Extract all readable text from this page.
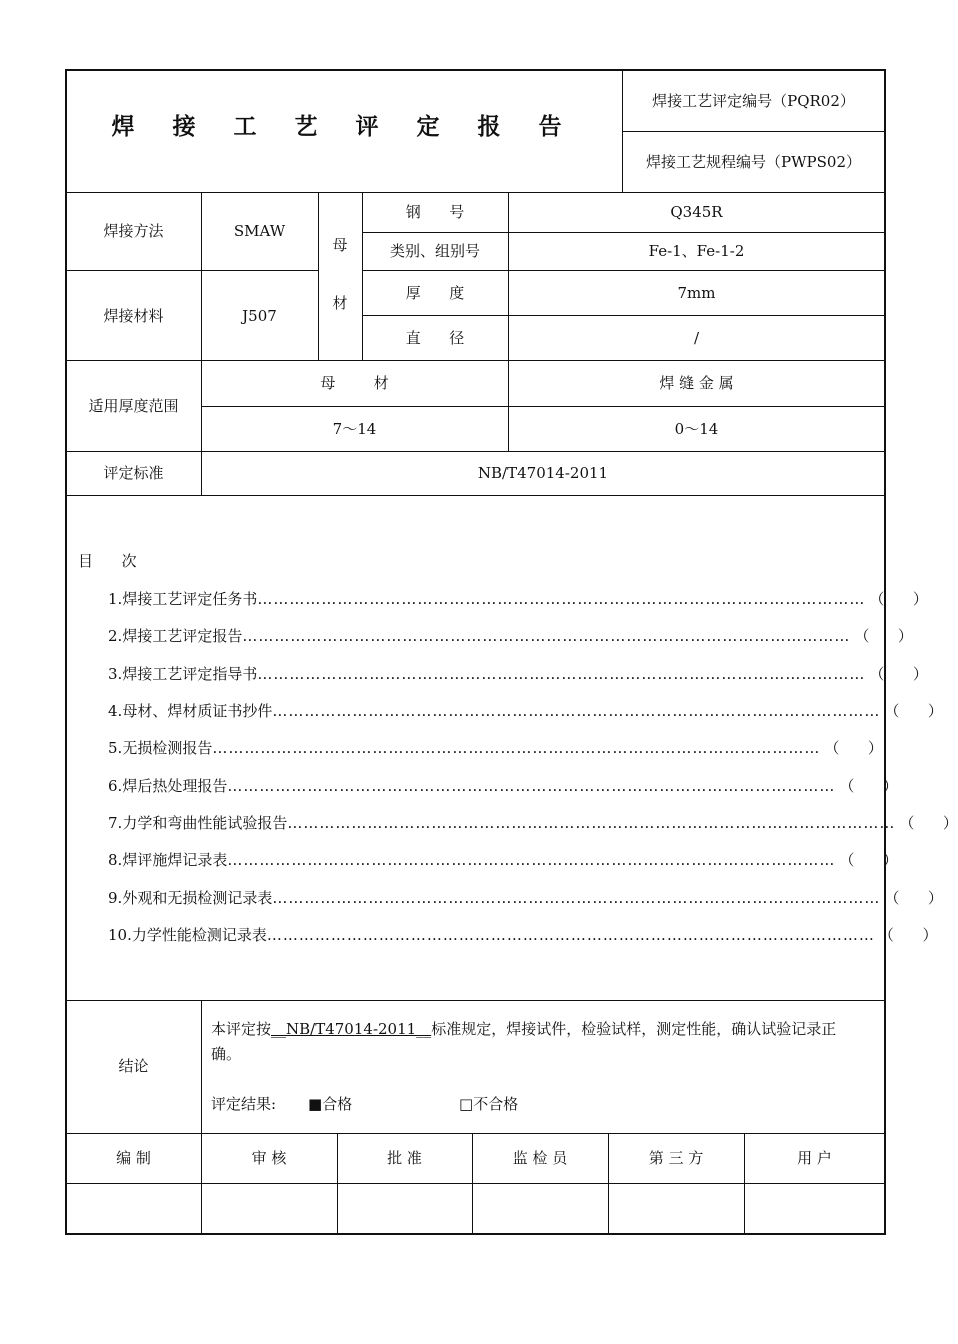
焊 接 工 艺 评 定 报 告
焊接工艺评定编号（PQR02）
焊接工艺规程编号（PWPS02）
焊接方法	SMAW
焊接材料	J507
母
材
钢      号	Q345R
类别、组别号	Fe-1、Fe-1-2
厚      度	7mm
直      径	/
适用厚度范围
母        材	焊 缝 金 属
7～14	0～14
评定标准	NB/T47014-2011
目      次
1. 焊接工艺评定任务书 …………………………………………………………………………………………………… （      ）
2. 焊接工艺评定报告 …………………………………………………………………………………………………… （      ）
3. 焊接工艺评定指导书 …………………………………………………………………………………………………… （      ）
4. 母材、焊材质证书抄件 …………………………………………………………………………………………………… （      ）
5. 无损检测报告 …………………………………………………………………………………………………… （      ）
6. 焊后热处理报告 …………………………………………………………………………………………………… （      ）
7. 力学和弯曲性能试验报告 …………………………………………………………………………………………………… （      ）
8. 焊评施焊记录表 …………………………………………………………………………………………………… （      ）
9. 外观和无损检测记录表 …………………………………………………………………………………………………… （      ）
10. 力学性能检测记录表 …………………………………………………………………………………………………… （      ）
结论
本评定按__NB/T47014-2011__标准规定，焊接试件，检验试样，测定性能，确认试验记录正
确。
评定结果: ■合格	□不合格
编 制	审 核	批 准	监 检 员	第 三 方	用 户
